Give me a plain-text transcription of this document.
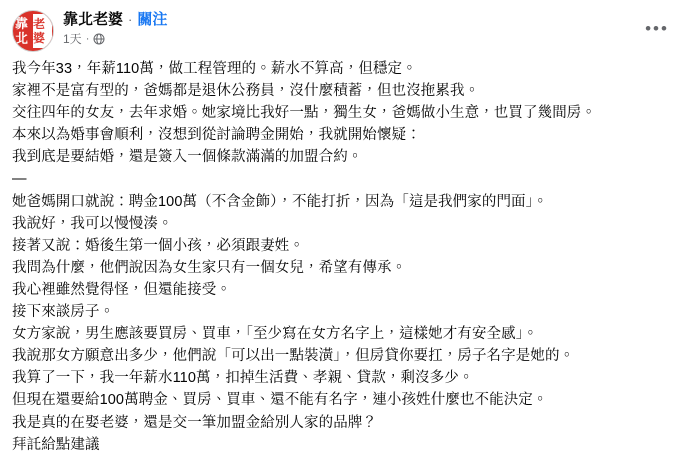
靠北
老婆
靠北老婆 · 關注
1天 ·
•••

我今年33，年薪110萬，做工程管理的。薪水不算高，但穩定。

家裡不是富有型的，爸媽都是退休公務員，沒什麼積蓄，但也沒拖累我。

交往四年的女友，去年求婚。她家境比我好一點，獨生女，爸媽做小生意，也買了幾間房。

本來以為婚事會順利，沒想到從討論聘金開始，我就開始懷疑：

我到底是要結婚，還是簽入一個條款滿滿的加盟合約。

—

她爸媽開口就說：聘金100萬（不含金飾），不能打折，因為「這是我們家的門面」。

我說好，我可以慢慢湊。

接著又說：婚後生第一個小孩，必須跟妻姓。

我問為什麼，他們說因為女生家只有一個女兒，希望有傳承。

我心裡雖然覺得怪，但還能接受。

接下來談房子。

女方家說，男生應該要買房、買車，「至少寫在女方名字上，這樣她才有安全感」。

我說那女方願意出多少，他們說「可以出一點裝潢」，但房貸你要扛，房子名字是她的。

我算了一下，我一年薪水110萬，扣掉生活費、孝親、貸款，剩沒多少。

但現在還要給100萬聘金、買房、買車、還不能有名字，連小孩姓什麼也不能決定。

我是真的在娶老婆，還是交一筆加盟金給別人家的品牌？

拜託給點建議
